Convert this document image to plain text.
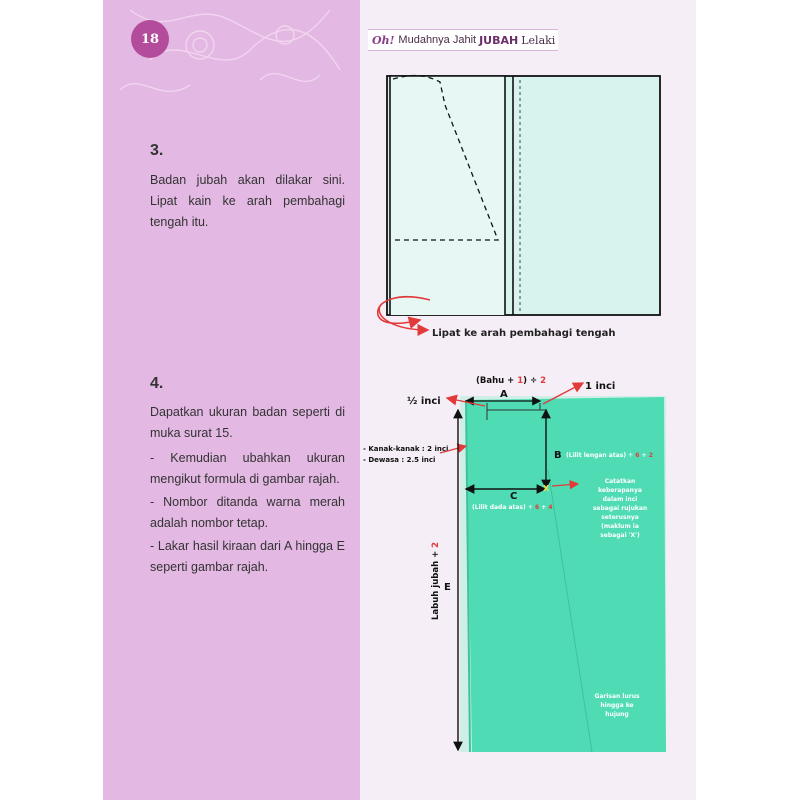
18	Oh! Mudahnya Jahit JUBAH Lelaki
3.
Badan jubah akan dilakar sini. Lipat kain ke arah pembahagi tengah itu.
4.
Dapatkan ukuran badan seperti di muka surat 15.
- Kemudian ubahkan ukuran mengikut formula di gambar rajah.
- Nombor ditanda warna merah adalah nombor tetap.
- Lakar hasil kiraan dari A hingga E seperti gambar rajah.
Lipat ke arah pembahagi tengah
(Bahu + 1) ÷ 2
A
½ inci
1 inci
- Kanak-kanak : 2 inci
- Dewasa : 2.5 inci	B (Lilit lengan atas) ÷ 6 + 2
C
(Lilit dada atas) ÷ 6 + 4
X
Catatkan
keberapanya
dalam inci
sebagai rujukan
seterusnya
(maklum ia
sebagai 'X')
E
Labuh jubah + 2
Garisan lurus
hingga ke
hujung
